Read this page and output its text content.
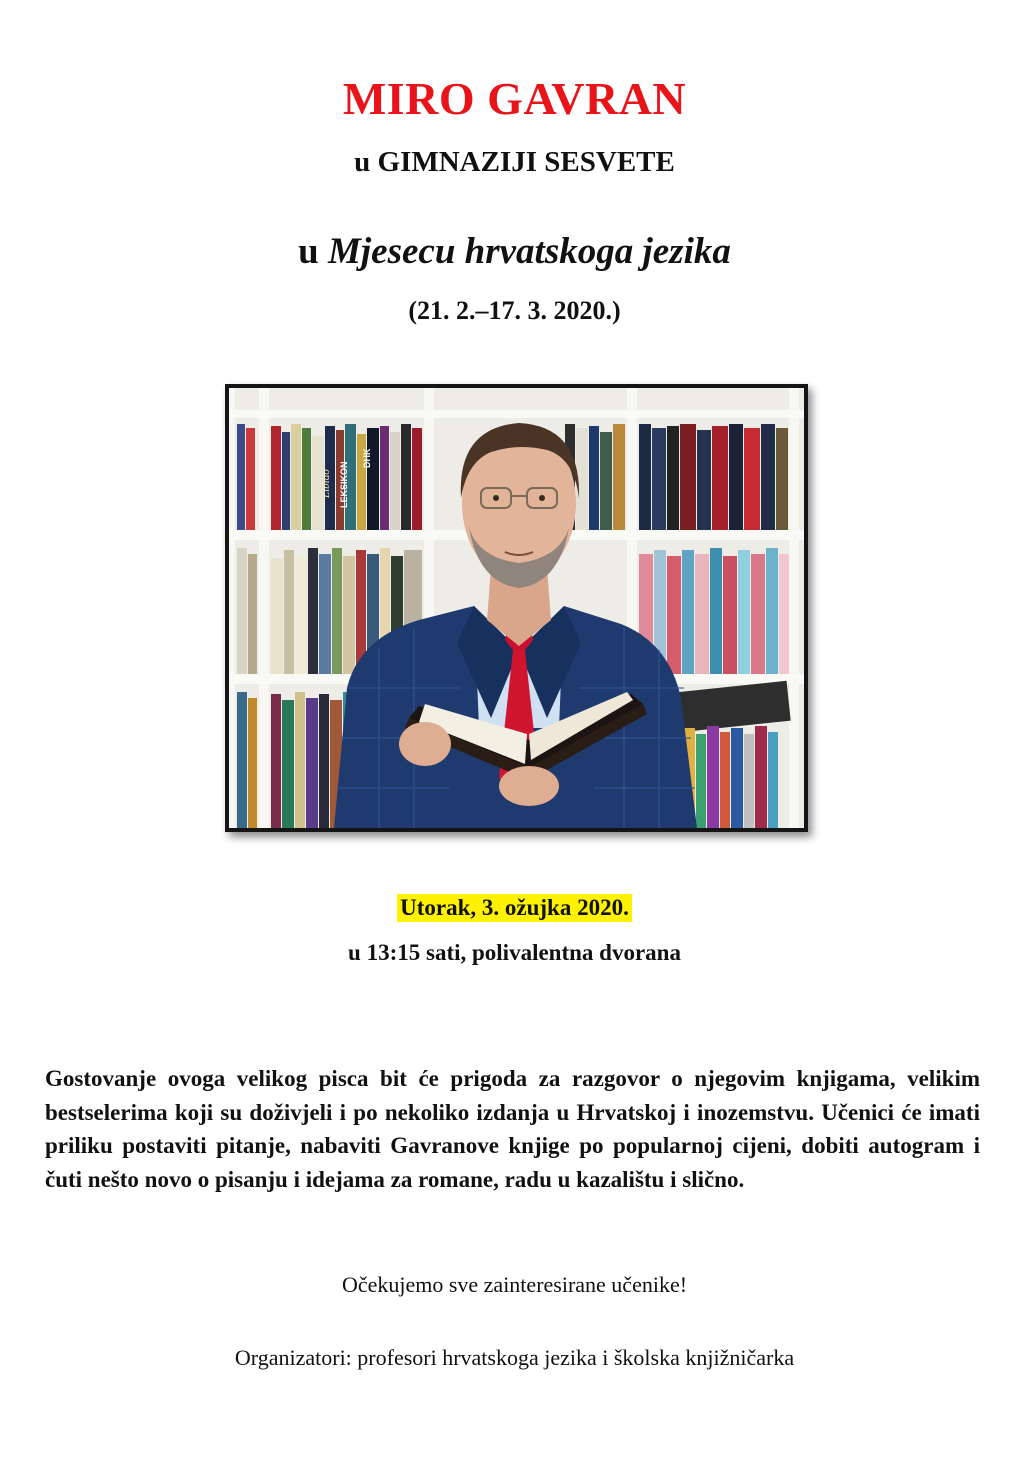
MIRO GAVRAN
u GIMNAZIJI SESVETE
u Mjesecu hrvatskoga jezika
(21. 2.–17. 3. 2020.)
LEKSIKON
Libido
DHK
Utorak, 3. ožujka 2020.
u 13:15 sati, polivalentna dvorana
Gostovanje ovoga velikog pisca bit će prigoda za razgovor o njegovim knjigama, velikim bestselerima koji su doživjeli i po nekoliko izdanja u Hrvatskoj i inozemstvu. Učenici će imati priliku postaviti pitanje, nabaviti Gavranove knjige po popularnoj cijeni, dobiti autogram i čuti nešto novo o pisanju i idejama za romane, radu u kazalištu i slično.
Očekujemo sve zainteresirane učenike!
Organizatori: profesori hrvatskoga jezika i školska knjižničarka
